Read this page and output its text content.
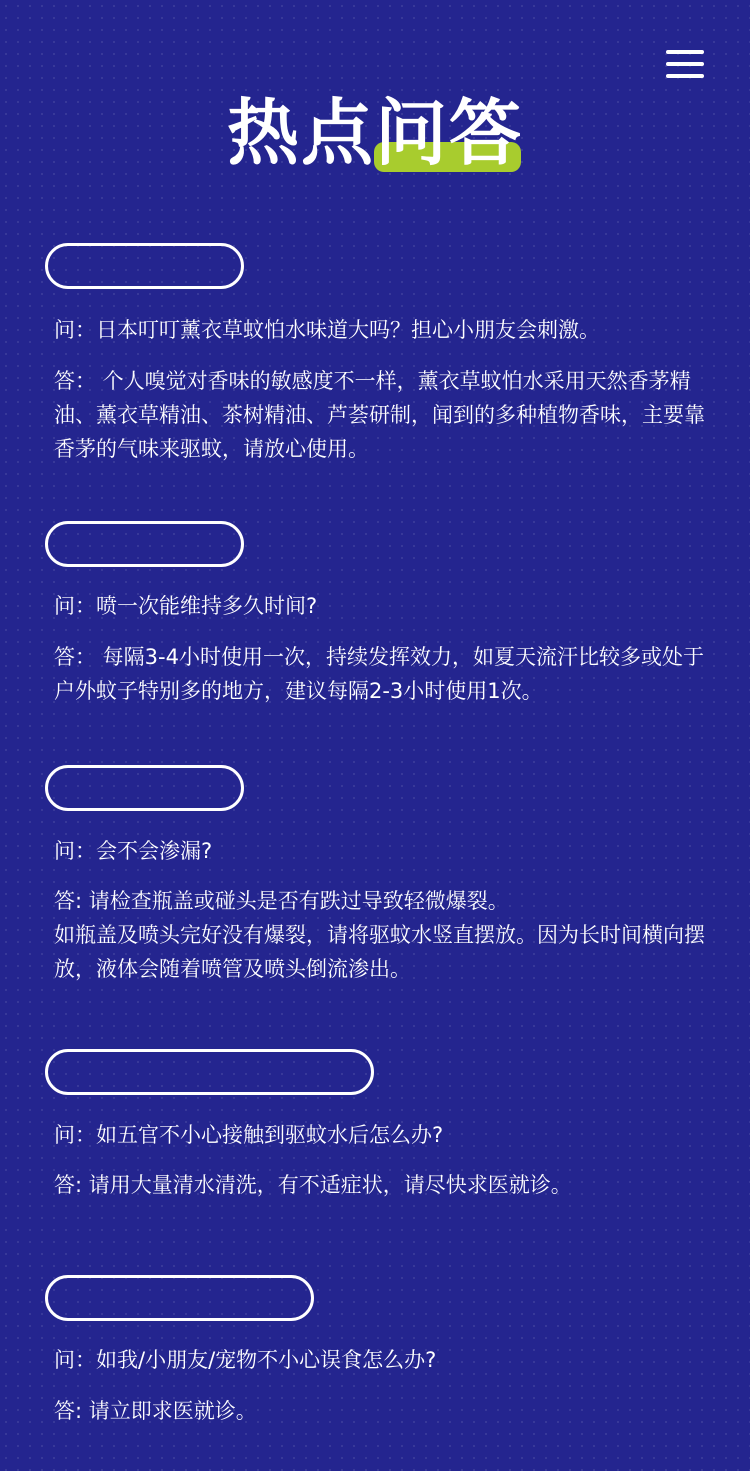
热点问答

问：日本叮叮薰衣草蚊怕水味道大吗？担心小朋友会刺激。

答： 个人嗅觉对香味的敏感度不一样，薰衣草蚊怕水采用天然香茅精油、薰衣草精油、茶树精油、芦荟研制，闻到的多种植物香味，主要靠香茅的气味来驱蚊，请放心使用。

问：喷一次能维持多久时间?

答： 每隔3-4小时使用一次，持续发挥效力，如夏天流汗比较多或处于户外蚊子特别多的地方，建议每隔2-3小时使用1次。

问：会不会渗漏?

答: 请检查瓶盖或碰头是否有跌过导致轻微爆裂。
如瓶盖及喷头完好没有爆裂，请将驱蚊水竖直摆放。因为长时间横向摆放，液体会随着喷管及喷头倒流渗出。

问：如五官不小心接触到驱蚊水后怎么办?

答: 请用大量清水清洗，有不适症状，请尽快求医就诊。

问：如我/小朋友/宠物不小心误食怎么办?

答: 请立即求医就诊。
